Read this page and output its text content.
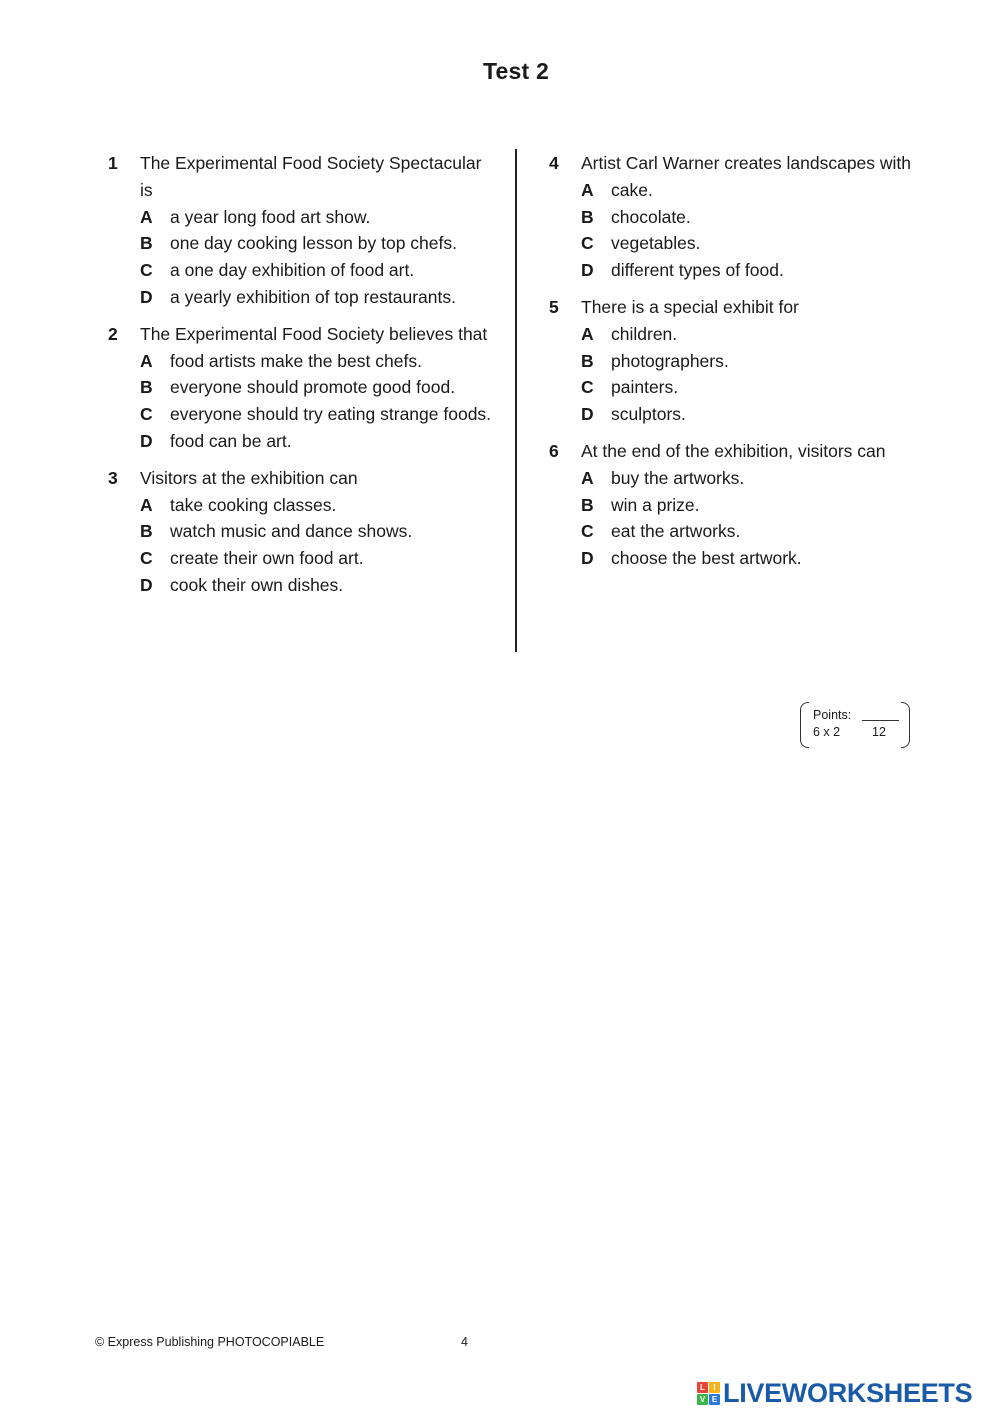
Test 2
1	The Experimental Food Society Spectacular is
A a year long food art show.
B one day cooking lesson by top chefs.
C a one day exhibition of food art.
D a yearly exhibition of top restaurants.
2	The Experimental Food Society believes that
A food artists make the best chefs.
B everyone should promote good food.
C everyone should try eating strange foods.
D food can be art.
3	Visitors at the exhibition can
A take cooking classes.
B watch music and dance shows.
C create their own food art.
D cook their own dishes.
4	Artist Carl Warner creates landscapes with
A cake.
B chocolate.
C vegetables.
D different types of food.
5	There is a special exhibit for
A children.
B photographers.
C painters.
D sculptors.
6	At the end of the exhibition, visitors can
A buy the artworks.
B win a prize.
C eat the artworks.
D choose the best artwork.
Points:
6 x 2	12
© Express Publishing PHOTOCOPIABLE	4
L	I
V E LIVEWORKSHEETS
